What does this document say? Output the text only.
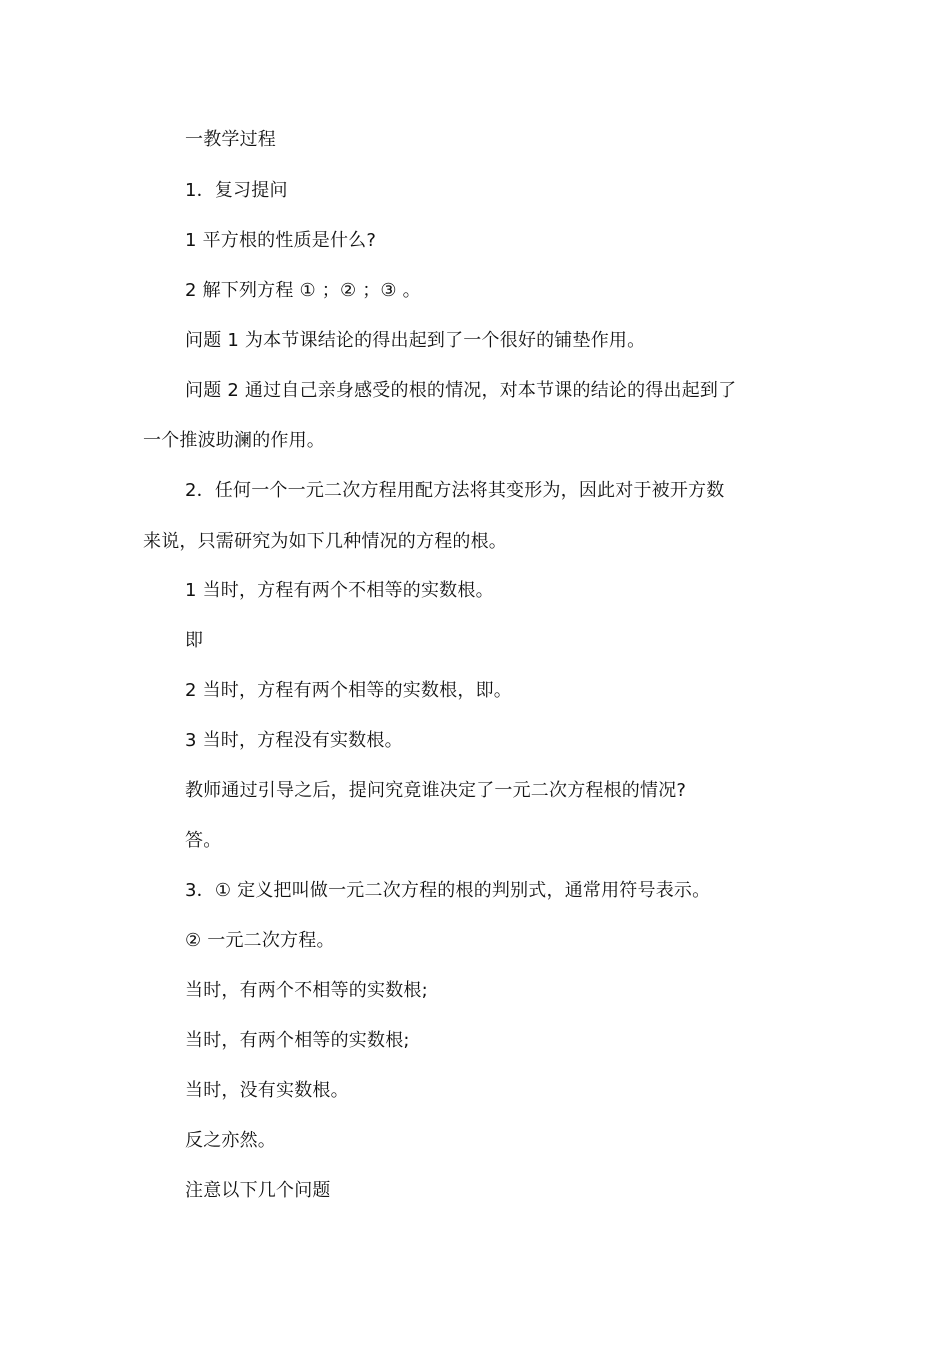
一教学过程
1．复习提问
1 平方根的性质是什么?
2 解下列方程 ① ；② ；③ 。
问题 1 为本节课结论的得出起到了一个很好的铺垫作用。
问题 2 通过自己亲身感受的根的情况，对本节课的结论的得出起到了
一个推波助澜的作用。
2．任何一个一元二次方程用配方法将其变形为，因此对于被开方数
来说，只需研究为如下几种情况的方程的根。
1 当时，方程有两个不相等的实数根。
即
2 当时，方程有两个相等的实数根，即。
3 当时，方程没有实数根。
教师通过引导之后，提问究竟谁决定了一元二次方程根的情况?
答。
3．① 定义把叫做一元二次方程的根的判别式，通常用符号表示。
② 一元二次方程。
当时，有两个不相等的实数根;
当时，有两个相等的实数根;
当时，没有实数根。
反之亦然。
注意以下几个问题
